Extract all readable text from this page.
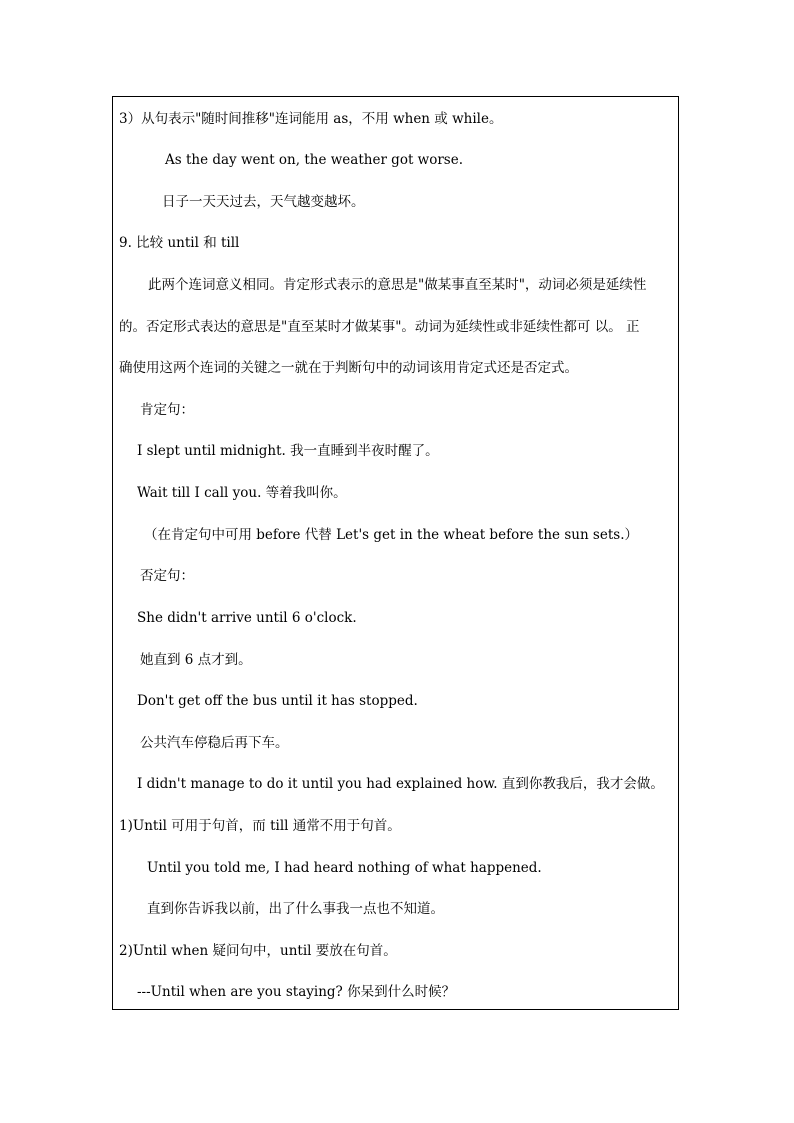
3）从句表示"随时间推移"连词能用 as，不用 when 或 while。
As the day went on, the weather got worse.
日子一天天过去，天气越变越坏。
9. 比较 until 和 till
此两个连词意义相同。肯定形式表示的意思是"做某事直至某时"，动词必须是延续性
的。否定形式表达的意思是"直至某时才做某事"。动词为延续性或非延续性都可 以。 正
确使用这两个连词的关键之一就在于判断句中的动词该用肯定式还是否定式。
肯定句：
I slept until midnight. 我一直睡到半夜时醒了。
Wait till I call you. 等着我叫你。
（在肯定句中可用 before 代替 Let's get in the wheat before the sun sets.）
否定句：
She didn't arrive until 6 o'clock.
她直到 6 点才到。
Don't get off the bus until it has stopped.
公共汽车停稳后再下车。
I didn't manage to do it until you had explained how. 直到你教我后，我才会做。
1)Until 可用于句首，而 till 通常不用于句首。
Until you told me, I had heard nothing of what happened.
直到你告诉我以前，出了什么事我一点也不知道。
2)Until when 疑问句中，until 要放在句首。
---Until when are you staying? 你呆到什么时候？
